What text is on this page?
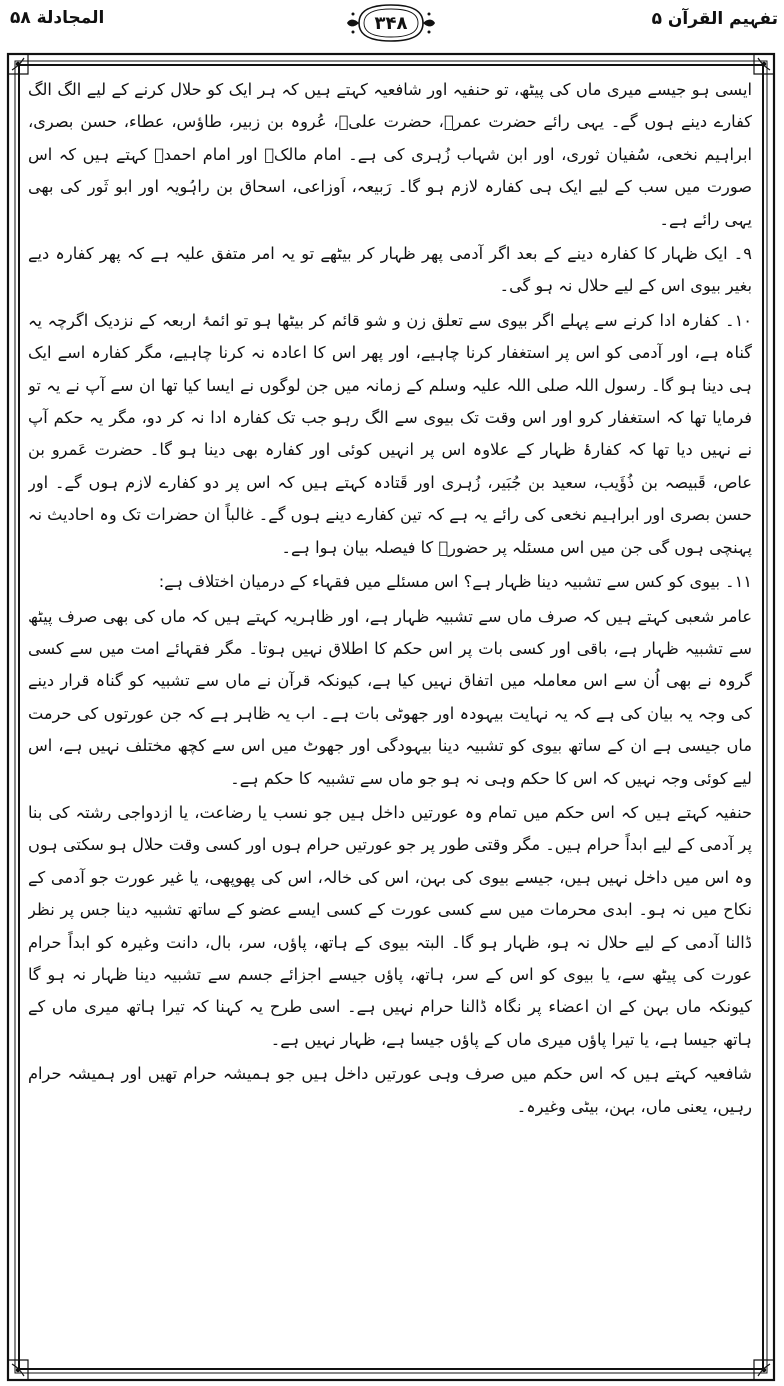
المجادلة ۵۸	۳۴۸	تفہیم القرآن ۵

ایسی ہو جیسے میری ماں کی پیٹھ، تو حنفیہ اور شافعیہ کہتے ہیں کہ ہر ایک کو حلال کرنے کے لیے الگ الگ کفارے دینے ہوں گے۔ یہی رائے حضرت عمرؓ، حضرت علیؓ، عُروہ بن زبیر، طاؤس، عطاء، حسن بصری، ابراہیم نخعی، سُفیان ثوری، اور ابن شہاب زُہری کی ہے۔ امام مالکؒ اور امام احمدؒ کہتے ہیں کہ اس صورت میں سب کے لیے ایک ہی کفارہ لازم ہو گا۔ رَبیعہ، اَوزاعی، اسحاق بن راہُویہ اور ابو ثَور کی بھی یہی رائے ہے۔

۹۔ ایک ظہار کا کفارہ دینے کے بعد اگر آدمی پھر ظہار کر بیٹھے تو یہ امر متفق علیہ ہے کہ پھر کفارہ دیے بغیر بیوی اس کے لیے حلال نہ ہو گی۔

۱۰۔ کفارہ ادا کرنے سے پہلے اگر بیوی سے تعلق زن و شو قائم کر بیٹھا ہو تو ائمۂ اربعہ کے نزدیک اگرچہ یہ گناہ ہے، اور آدمی کو اس پر استغفار کرنا چاہیے، اور پھر اس کا اعادہ نہ کرنا چاہیے، مگر کفارہ اسے ایک ہی دینا ہو گا۔ رسول اللہ صلی اللہ علیہ وسلم کے زمانہ میں جن لوگوں نے ایسا کیا تھا ان سے آپ نے یہ تو فرمایا تھا کہ استغفار کرو اور اس وقت تک بیوی سے الگ رہو جب تک کفارہ ادا نہ کر دو، مگر یہ حکم آپ نے نہیں دیا تھا کہ کفارۂ ظہار کے علاوہ اس پر انہیں کوئی اور کفارہ بھی دینا ہو گا۔ حضرت عَمرو بن عاص، قَبیصہ بن ذُؤَیب، سعید بن جُبَیر، زُہری اور قَتادہ کہتے ہیں کہ اس پر دو کفارے لازم ہوں گے۔ اور حسن بصری اور ابراہیم نخعی کی رائے یہ ہے کہ تین کفارے دینے ہوں گے۔ غالباً ان حضرات تک وہ احادیث نہ پہنچی ہوں گی جن میں اس مسئلہ پر حضورؐ کا فیصلہ بیان ہوا ہے۔

۱۱۔ بیوی کو کس سے تشبیہ دینا ظہار ہے؟ اس مسئلے میں فقہاء کے درمیان اختلاف ہے:

عامر شعبی کہتے ہیں کہ صرف ماں سے تشبیہ ظہار ہے، اور ظاہریہ کہتے ہیں کہ ماں کی بھی صرف پیٹھ سے تشبیہ ظہار ہے، باقی اور کسی بات پر اس حکم کا اطلاق نہیں ہوتا۔ مگر فقہائے امت میں سے کسی گروہ نے بھی اُن سے اس معاملہ میں اتفاق نہیں کیا ہے، کیونکہ قرآن نے ماں سے تشبیہ کو گناہ قرار دینے کی وجہ یہ بیان کی ہے کہ یہ نہایت بیہودہ اور جھوٹی بات ہے۔ اب یہ ظاہر ہے کہ جن عورتوں کی حرمت ماں جیسی ہے ان کے ساتھ بیوی کو تشبیہ دینا بیہودگی اور جھوٹ میں اس سے کچھ مختلف نہیں ہے، اس لیے کوئی وجہ نہیں کہ اس کا حکم وہی نہ ہو جو ماں سے تشبیہ کا حکم ہے۔

حنفیہ کہتے ہیں کہ اس حکم میں تمام وہ عورتیں داخل ہیں جو نسب یا رضاعت، یا ازدواجی رشتہ کی بنا پر آدمی کے لیے ابداً حرام ہیں۔ مگر وقتی طور پر جو عورتیں حرام ہوں اور کسی وقت حلال ہو سکتی ہوں وہ اس میں داخل نہیں ہیں، جیسے بیوی کی بہن، اس کی خالہ، اس کی پھوپھی، یا غیر عورت جو آدمی کے نکاح میں نہ ہو۔ ابدی محرمات میں سے کسی عورت کے کسی ایسے عضو کے ساتھ تشبیہ دینا جس پر نظر ڈالنا آدمی کے لیے حلال نہ ہو، ظہار ہو گا۔ البتہ بیوی کے ہاتھ، پاؤں، سر، بال، دانت وغیرہ کو ابداً حرام عورت کی پیٹھ سے، یا بیوی کو اس کے سر، ہاتھ، پاؤں جیسے اجزائے جسم سے تشبیہ دینا ظہار نہ ہو گا کیونکہ ماں بہن کے ان اعضاء پر نگاہ ڈالنا حرام نہیں ہے۔ اسی طرح یہ کہنا کہ تیرا ہاتھ میری ماں کے ہاتھ جیسا ہے، یا تیرا پاؤں میری ماں کے پاؤں جیسا ہے، ظہار نہیں ہے۔

شافعیہ کہتے ہیں کہ اس حکم میں صرف وہی عورتیں داخل ہیں جو ہمیشہ حرام تھیں اور ہمیشہ حرام رہیں، یعنی ماں، بہن، بیٹی وغیرہ۔
